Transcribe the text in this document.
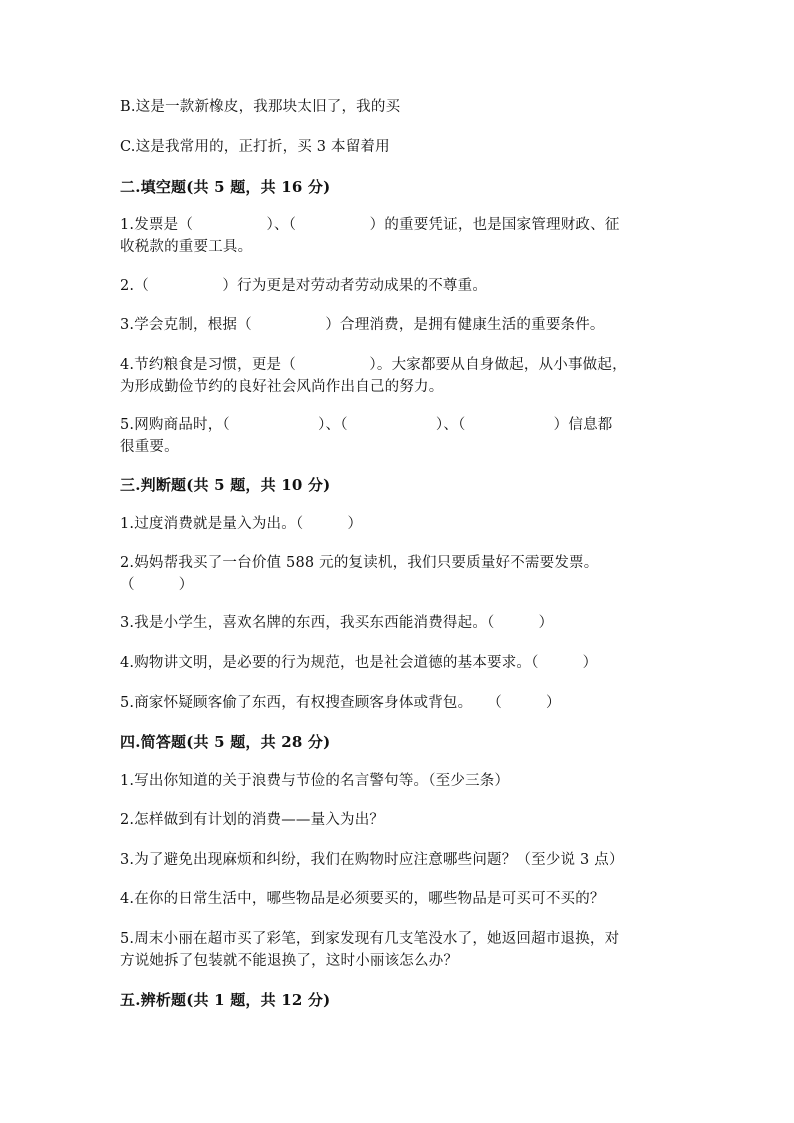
B.这是一款新橡皮，我那块太旧了，我的买
C.这是我常用的，正打折，买 3 本留着用
二.填空题(共 5 题，共 16 分)
1.发票是（　　　　　）、（　　　　　）的重要凭证，也是国家管理财政、征
收税款的重要工具。
2.（　　　　　）行为更是对劳动者劳动成果的不尊重。
3.学会克制，根据（　　　　　）合理消费，是拥有健康生活的重要条件。
4.节约粮食是习惯，更是（　　　　　）。大家都要从自身做起，从小事做起，
为形成勤俭节约的良好社会风尚作出自己的努力。
5.网购商品时，（　　　　　　）、（　　　　　　）、（　　　　　　）信息都
很重要。
三.判断题(共 5 题，共 10 分)
1.过度消费就是量入为出。（　　　）
2.妈妈帮我买了一台价值 588 元的复读机，我们只要质量好不需要发票。
（　　　）
3.我是小学生，喜欢名牌的东西，我买东西能消费得起。（　　　）
4.购物讲文明，是必要的行为规范，也是社会道德的基本要求。（　　　）
5.商家怀疑顾客偷了东西，有权搜查顾客身体或背包。　　（　　　）
四.简答题(共 5 题，共 28 分)
1.写出你知道的关于浪费与节俭的名言警句等。（至少三条）
2.怎样做到有计划的消费——量入为出？
3.为了避免出现麻烦和纠纷，我们在购物时应注意哪些问题？（至少说 3 点）
4.在你的日常生活中，哪些物品是必须要买的，哪些物品是可买可不买的？
5.周末小丽在超市买了彩笔，到家发现有几支笔没水了，她返回超市退换，对
方说她拆了包装就不能退换了，这时小丽该怎么办？
五.辨析题(共 1 题，共 12 分)
